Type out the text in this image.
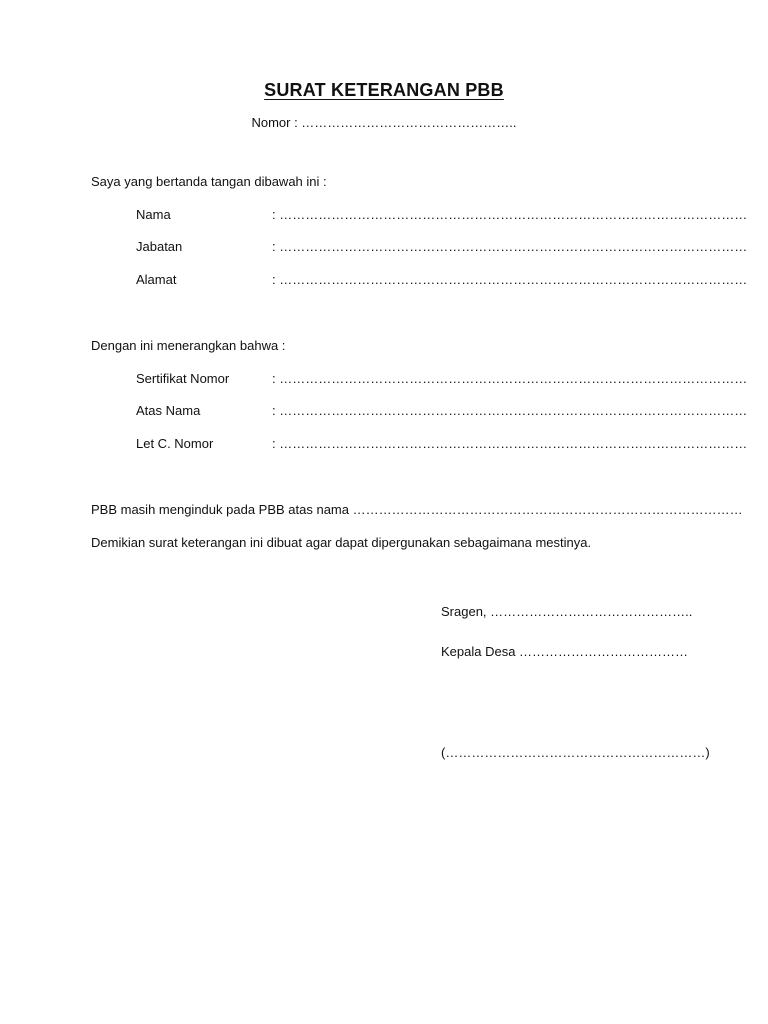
SURAT KETERANGAN PBB
Nomor : …………………………………………..
Saya yang bertanda tangan dibawah ini :
Nama	: ………………………………………………………………………………………………
Jabatan	: ………………………………………………………………………………………………
Alamat	: ………………………………………………………………………………………………
Dengan ini menerangkan bahwa :
Sertifikat Nomor	: ………………………………………………………………………………………………
Atas Nama	: ………………………………………………………………………………………………
Let C. Nomor	: ………………………………………………………………………………………………
PBB masih menginduk pada PBB atas nama ………………………………………………………………………………
Demikian surat keterangan ini dibuat agar dapat dipergunakan sebagaimana mestinya.
Sragen, ………………………………………..
Kepala Desa …………………………………
(……………………………………………………)
